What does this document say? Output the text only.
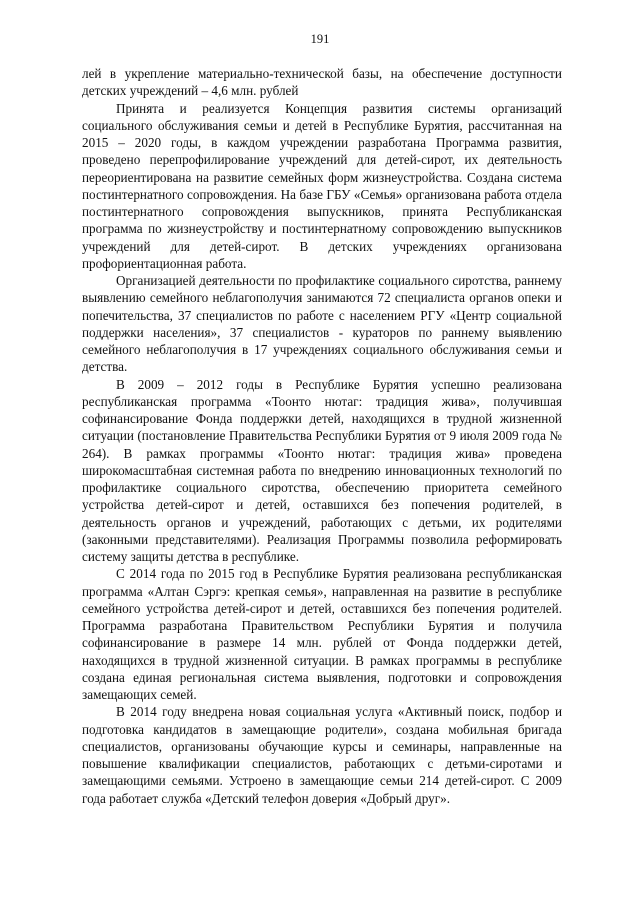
191

лей в укрепление материально-технической базы, на обеспечение доступности детских учреждений – 4,6 млн. рублей

Принята и реализуется Концепция развития системы организаций социального обслуживания семьи и детей в Республике Бурятия, рассчитанная на 2015 – 2020 годы, в каждом учреждении разработана Программа развития, проведено перепрофилирование учреждений для детей-сирот, их деятельность переориентирована на развитие семейных форм жизнеустройства. Создана система постинтернатного сопровождения. На базе ГБУ «Семья» организована работа отдела постинтернатного сопровождения выпускников, принята Республиканская программа по жизнеустройству и постинтернатному сопровождению выпускников учреждений для детей-сирот. В детских учреждениях организована профориентационная работа.

Организацией деятельности по профилактике социального сиротства, раннему выявлению семейного неблагополучия занимаются 72 специалиста органов опеки и попечительства, 37 специалистов по работе с населением РГУ «Центр социальной поддержки населения», 37 специалистов - кураторов по раннему выявлению семейного неблагополучия в 17 учреждениях социального обслуживания семьи и детства.

В 2009 – 2012 годы в Республике Бурятия успешно реализована республиканская программа «Тоонто нютаг: традиция жива», получившая софинансирование Фонда поддержки детей, находящихся в трудной жизненной ситуации (постановление Правительства Республики Бурятия от 9 июля 2009 года № 264). В рамках программы «Тоонто нютаг: традиция жива» проведена широкомасштабная системная работа по внедрению инновационных технологий по профилактике социального сиротства, обеспечению приоритета семейного устройства детей-сирот и детей, оставшихся без попечения родителей, в деятельность органов и учреждений, работающих с детьми, их родителями (законными представителями). Реализация Программы позволила реформировать систему защиты детства в республике.

С 2014 года по 2015 год в Республике Бурятия реализована республиканская программа «Алтан Сэргэ: крепкая семья», направленная на развитие в республике семейного устройства детей-сирот и детей, оставшихся без попечения родителей. Программа разработана Правительством Республики Бурятия и получила софинансирование в размере 14 млн. рублей от Фонда поддержки детей, находящихся в трудной жизненной ситуации. В рамках программы в республике создана единая региональная система выявления, подготовки и сопровождения замещающих семей.

В 2014 году внедрена новая социальная услуга «Активный поиск, подбор и подготовка кандидатов в замещающие родители», создана мобильная бригада специалистов, организованы обучающие курсы и семинары, направленные на повышение квалификации специалистов, работающих с детьми-сиротами и замещающими семьями. Устроено в замещающие семьи 214 детей-сирот. С 2009 года работает служба «Детский телефон доверия «Добрый друг».
